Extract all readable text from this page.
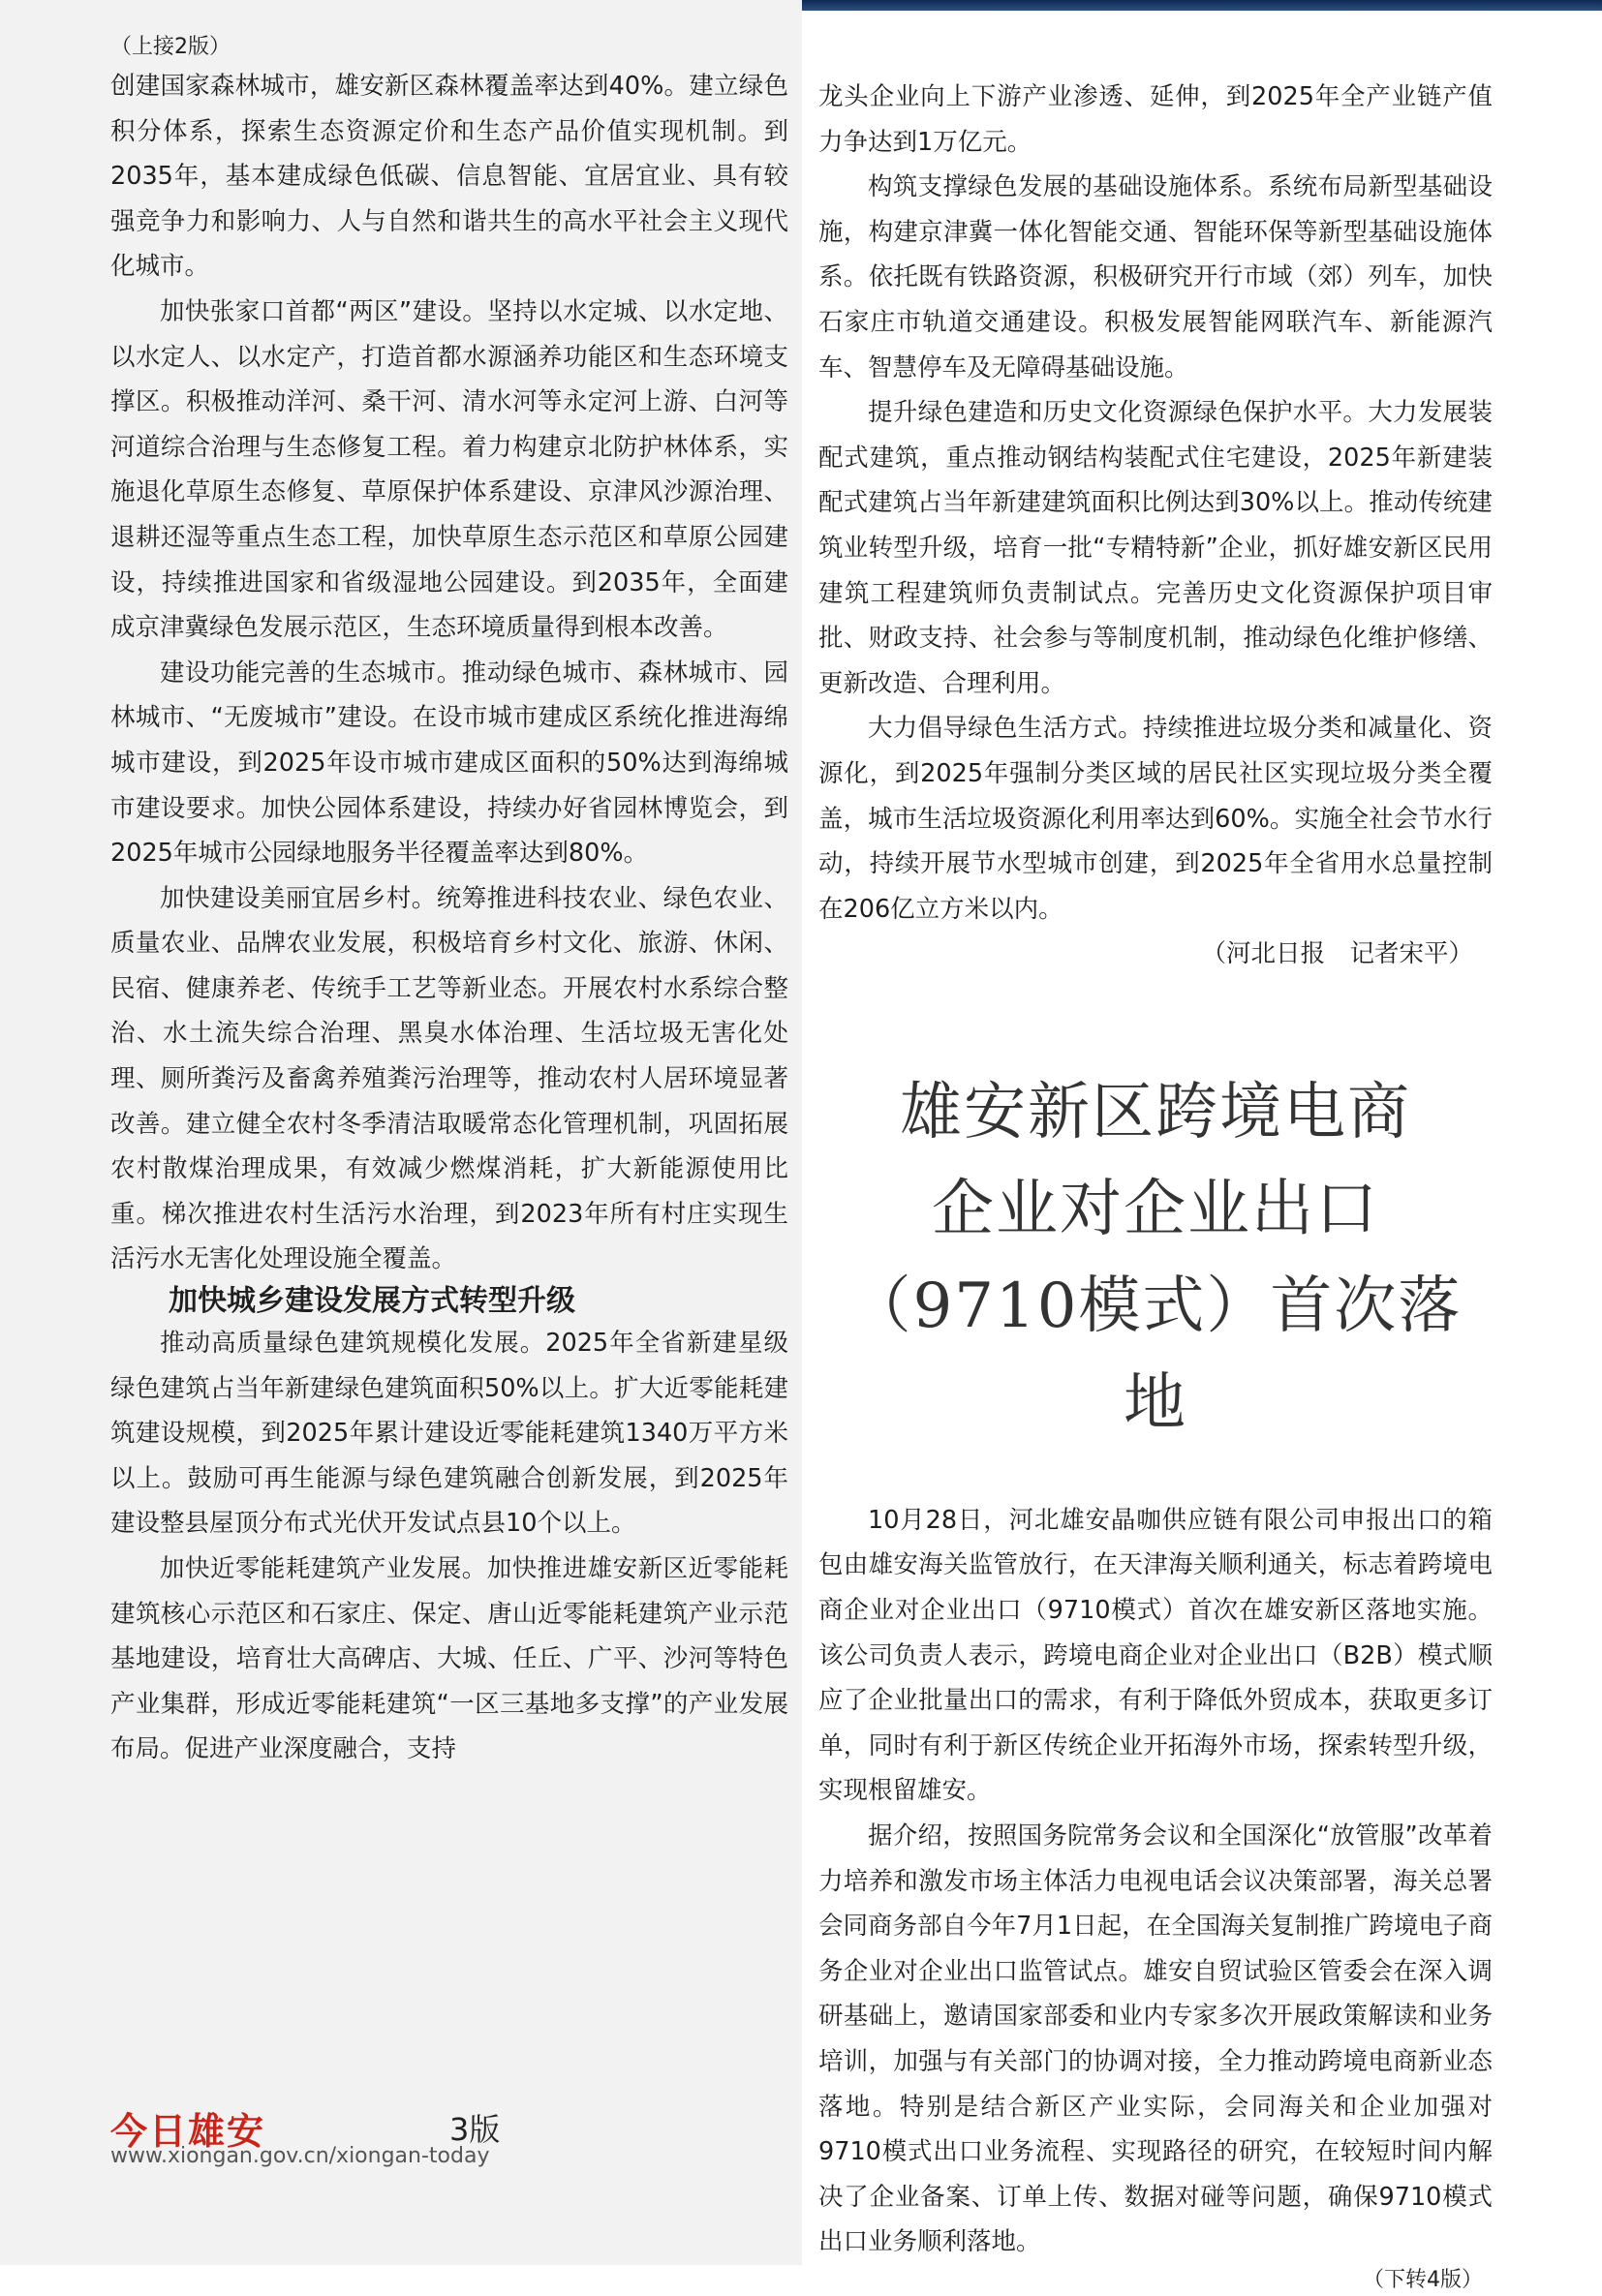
（上接2版）

创建国家森林城市，雄安新区森林覆盖率达到40%。建立绿色积分体系，探索生态资源定价和生态产品价值实现机制。到2035年，基本建成绿色低碳、信息智能、宜居宜业、具有较强竞争力和影响力、人与自然和谐共生的高水平社会主义现代化城市。

加快张家口首都“两区”建设。坚持以水定城、以水定地、以水定人、以水定产，打造首都水源涵养功能区和生态环境支撑区。积极推动洋河、桑干河、清水河等永定河上游、白河等河道综合治理与生态修复工程。着力构建京北防护林体系，实施退化草原生态修复、草原保护体系建设、京津风沙源治理、退耕还湿等重点生态工程，加快草原生态示范区和草原公园建设，持续推进国家和省级湿地公园建设。到2035年，全面建成京津冀绿色发展示范区，生态环境质量得到根本改善。

建设功能完善的生态城市。推动绿色城市、森林城市、园林城市、“无废城市”建设。在设市城市建成区系统化推进海绵城市建设，到2025年设市城市建成区面积的50%达到海绵城市建设要求。加快公园体系建设，持续办好省园林博览会，到2025年城市公园绿地服务半径覆盖率达到80%。

加快建设美丽宜居乡村。统筹推进科技农业、绿色农业、质量农业、品牌农业发展，积极培育乡村文化、旅游、休闲、民宿、健康养老、传统手工艺等新业态。开展农村水系综合整治、水土流失综合治理、黑臭水体治理、生活垃圾无害化处理、厕所粪污及畜禽养殖粪污治理等，推动农村人居环境显著改善。建立健全农村冬季清洁取暖常态化管理机制，巩固拓展农村散煤治理成果，有效减少燃煤消耗，扩大新能源使用比重。梯次推进农村生活污水治理，到2023年所有村庄实现生活污水无害化处理设施全覆盖。

加快城乡建设发展方式转型升级

推动高质量绿色建筑规模化发展。2025年全省新建星级绿色建筑占当年新建绿色建筑面积50%以上。扩大近零能耗建筑建设规模，到2025年累计建设近零能耗建筑1340万平方米以上。鼓励可再生能源与绿色建筑融合创新发展，到2025年建设整县屋顶分布式光伏开发试点县10个以上。

加快近零能耗建筑产业发展。加快推进雄安新区近零能耗建筑核心示范区和石家庄、保定、唐山近零能耗建筑产业示范基地建设，培育壮大高碑店、大城、任丘、广平、沙河等特色产业集群，形成近零能耗建筑“一区三基地多支撑”的产业发展布局。促进产业深度融合，支持

龙头企业向上下游产业渗透、延伸，到2025年全产业链产值力争达到1万亿元。

构筑支撑绿色发展的基础设施体系。系统布局新型基础设施，构建京津冀一体化智能交通、智能环保等新型基础设施体系。依托既有铁路资源，积极研究开行市域（郊）列车，加快石家庄市轨道交通建设。积极发展智能网联汽车、新能源汽车、智慧停车及无障碍基础设施。

提升绿色建造和历史文化资源绿色保护水平。大力发展装配式建筑，重点推动钢结构装配式住宅建设，2025年新建装配式建筑占当年新建建筑面积比例达到30%以上。推动传统建筑业转型升级，培育一批“专精特新”企业，抓好雄安新区民用建筑工程建筑师负责制试点。完善历史文化资源保护项目审批、财政支持、社会参与等制度机制，推动绿色化维护修缮、更新改造、合理利用。

大力倡导绿色生活方式。持续推进垃圾分类和减量化、资源化，到2025年强制分类区域的居民社区实现垃圾分类全覆盖，城市生活垃圾资源化利用率达到60%。实施全社会节水行动，持续开展节水型城市创建，到2025年全省用水总量控制在206亿立方米以内。

（河北日报　记者宋平）

雄安新区跨境电商
企业对企业出口
（9710模式）首次落地

10月28日，河北雄安晶咖供应链有限公司申报出口的箱包由雄安海关监管放行，在天津海关顺利通关，标志着跨境电商企业对企业出口（9710模式）首次在雄安新区落地实施。该公司负责人表示，跨境电商企业对企业出口（B2B）模式顺应了企业批量出口的需求，有利于降低外贸成本，获取更多订单，同时有利于新区传统企业开拓海外市场，探索转型升级，实现根留雄安。

据介绍，按照国务院常务会议和全国深化“放管服”改革着力培养和激发市场主体活力电视电话会议决策部署，海关总署会同商务部自今年7月1日起，在全国海关复制推广跨境电子商务企业对企业出口监管试点。雄安自贸试验区管委会在深入调研基础上，邀请国家部委和业内专家多次开展政策解读和业务培训，加强与有关部门的协调对接，全力推动跨境电商新业态落地。特别是结合新区产业实际，会同海关和企业加强对9710模式出口业务流程、实现路径的研究，在较短时间内解决了企业备案、订单上传、数据对碰等问题，确保9710模式出口业务顺利落地。

（下转4版）

今日雄安	3版
www.xiongan.gov.cn/xiongan-today
